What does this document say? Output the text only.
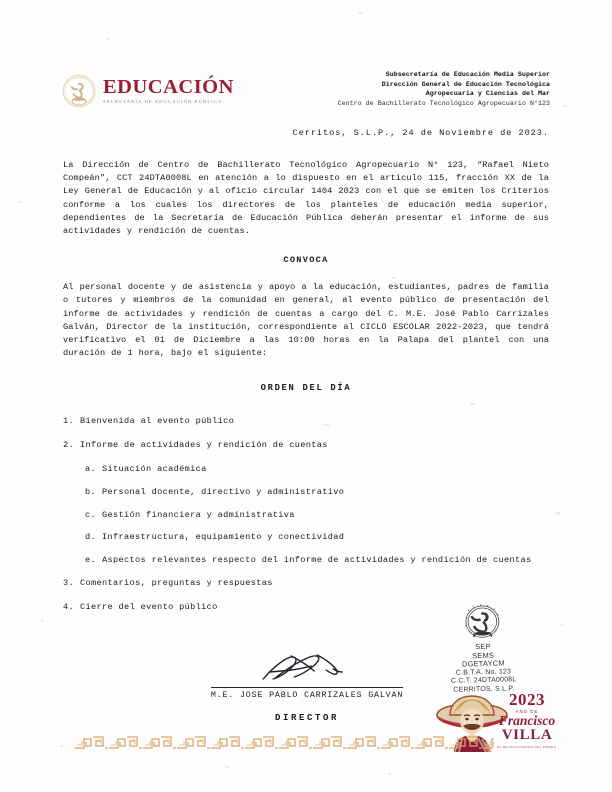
ESTADOS UNIDOS
MEXICANOS
EDUCACIÓN
SECRETARÍA DE EDUCACIÓN PÚBLICA
Subsecretaría de Educación Media Superior
Dirección General de Educación Tecnológica
Agropecuaria y Ciencias del Mar
Centro de Bachillerato Tecnológico Agropecuario N°123
Cerritos, S.L.P., 24 de Noviembre de 2023.

La Dirección de Centro de Bachillerato Tecnológico Agropecuario N° 123, “Rafael Nieto Compeán”, CCT 24DTA0008L en atención a lo dispuesto en el artículo 115, fracción XX de la Ley General de Educación y al oficio circular 1404 2023 con el que se emiten los Criterios conforme a los cuales los directores de los planteles de educación media superior, dependientes de la Secretaría de Educación Pública deberán presentar el informe de sus actividades y rendición de cuentas.

CONVOCA

Al personal docente y de asistencia y apoyo a la educación, estudiantes, padres de familia o tutores y miembros de la comunidad en general, al evento público de presentación del informe de actividades y rendición de cuentas a cargo del C. M.E. José Pablo Carrizales Galván, Director de la institución, correspondiente al CICLO ESCOLAR 2022-2023, que tendrá verificativo el 01 de Diciembre a las 10:00 horas en la Palapa del plantel con una duración de 1 hora, bajo el siguiente:

ORDEN DEL DÍA
1. Bienvenida al evento público
2. Informe de actividades y rendición de cuentas
a. Situación académica
b. Personal docente, directivo y administrativo
c. Gestión financiera y administrativa
d. Infraestructura, equipamiento y conectividad
e. Aspectos relevantes respecto del informe de actividades y rendición de cuentas
3. Comentarios, preguntas y respuestas
4. Cierre del evento público
M.E. JOSE PABLO CARRIZALES GALVAN
DIRECTOR
SEP
SEMS
DGETAYCM
C.B.T.A. No. 123
C.C.T. 24DTA0008L
CERRITOS, S.L.P.
2023
AÑO DE
Francisco
VILLA
EL REVOLUCIONARIO DEL PUEBLO
